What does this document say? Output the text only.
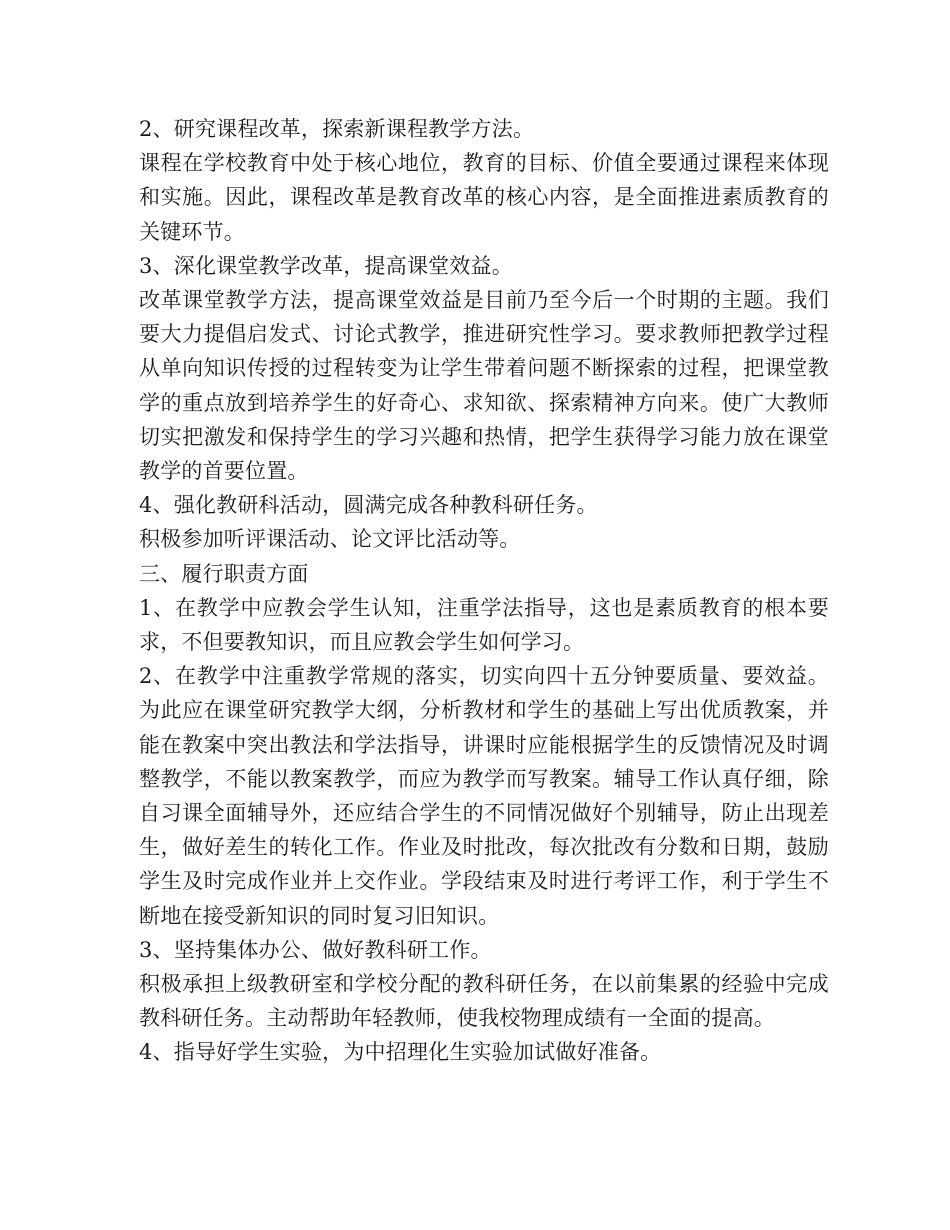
2、研究课程改革，探索新课程教学方法。

课程在学校教育中处于核心地位，教育的目标、价值全要通过课程来体现和实施。因此，课程改革是教育改革的核心内容，是全面推进素质教育的关键环节。

3、深化课堂教学改革，提高课堂效益。

改革课堂教学方法，提高课堂效益是目前乃至今后一个时期的主题。我们要大力提倡启发式、讨论式教学，推进研究性学习。要求教师把教学过程从单向知识传授的过程转变为让学生带着问题不断探索的过程，把课堂教学的重点放到培养学生的好奇心、求知欲、探索精神方向来。使广大教师切实把激发和保持学生的学习兴趣和热情，把学生获得学习能力放在课堂教学的首要位置。

4、强化教研科活动，圆满完成各种教科研任务。

积极参加听评课活动、论文评比活动等。

三、履行职责方面

1、在教学中应教会学生认知，注重学法指导，这也是素质教育的根本要求，不但要教知识，而且应教会学生如何学习。

2、在教学中注重教学常规的落实，切实向四十五分钟要质量、要效益。为此应在课堂研究教学大纲，分析教材和学生的基础上写出优质教案，并能在教案中突出教法和学法指导，讲课时应能根据学生的反馈情况及时调整教学，不能以教案教学，而应为教学而写教案。辅导工作认真仔细，除自习课全面辅导外，还应结合学生的不同情况做好个别辅导，防止出现差生，做好差生的转化工作。作业及时批改，每次批改有分数和日期，鼓励学生及时完成作业并上交作业。学段结束及时进行考评工作，利于学生不断地在接受新知识的同时复习旧知识。

3、坚持集体办公、做好教科研工作。

积极承担上级教研室和学校分配的教科研任务，在以前集累的经验中完成教科研任务。主动帮助年轻教师，使我校物理成绩有一全面的提高。

4、指导好学生实验，为中招理化生实验加试做好准备。
